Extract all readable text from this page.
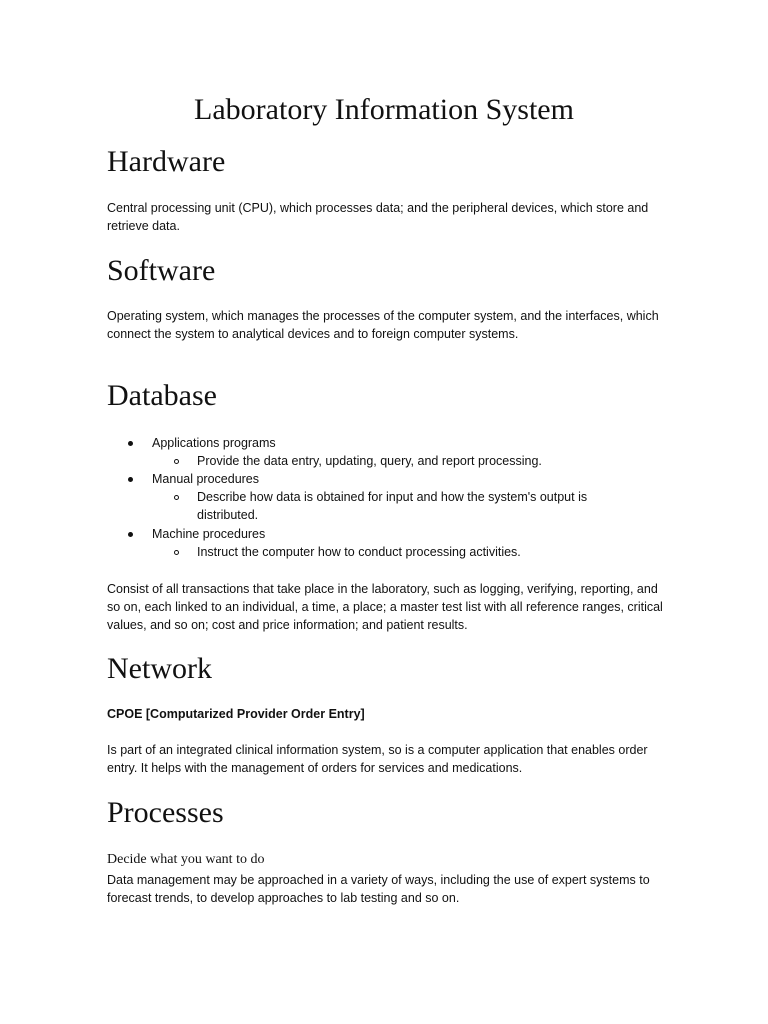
Laboratory Information System
Hardware

Central processing unit (CPU), which processes data; and the peripheral devices, which store and retrieve data.

Software

Operating system, which manages the processes of the computer system, and the interfaces, which connect the system to analytical devices and to foreign computer systems.

Database
Applications programs
Provide the data entry, updating, query, and report processing.
Manual procedures
Describe how data is obtained for input and how the system's output is distributed.
Machine procedures
Instruct the computer how to conduct processing activities.

Consist of all transactions that take place in the laboratory, such as logging, verifying, reporting, and so on, each linked to an individual, a time, a place; a master test list with all reference ranges, critical values, and so on; cost and price information; and patient results.

Network

CPOE [Computarized Provider Order Entry]

Is part of an integrated clinical information system, so is a computer application that enables order entry. It helps with the management of orders for services and medications.

Processes

Decide what you want to do

Data management may be approached in a variety of ways, including the use of expert systems to forecast trends, to develop approaches to lab testing and so on.
